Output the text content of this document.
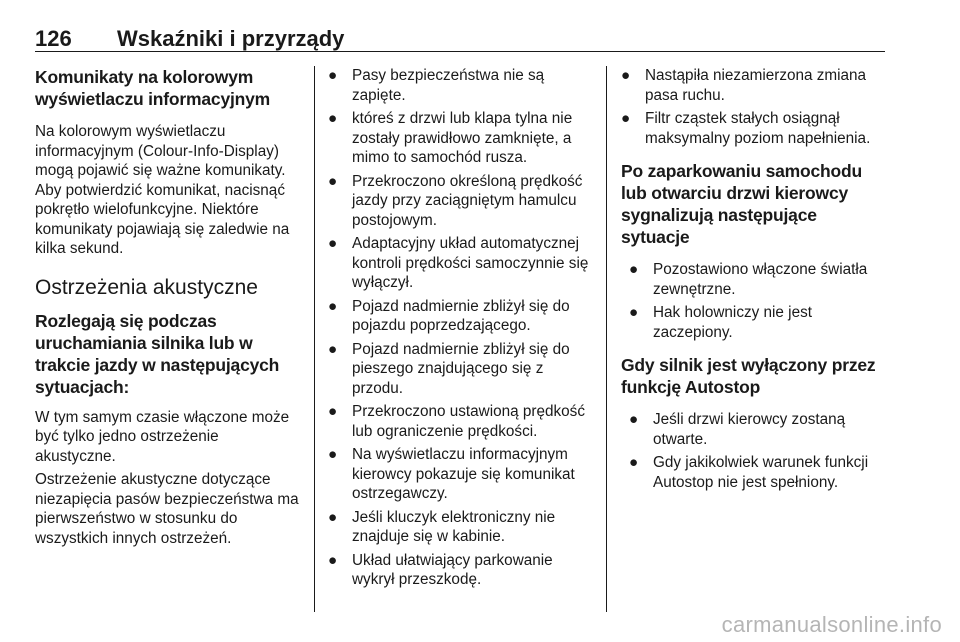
126 Wskaźniki i przyrządy
Komunikaty na kolorowym wyświetlaczu informacyjnym

Na kolorowym wyświetlaczu informacyjnym (Colour-Info-Display) mogą pojawić się ważne komunikaty. Aby potwierdzić komunikat, nacisnąć pokrętło wielofunkcyjne. Niektóre komunikaty pojawiają się zaledwie na kilka sekund.

Ostrzeżenia akustyczne
Rozlegają się podczas uruchamiania silnika lub w trakcie jazdy w następujących sytuacjach:

W tym samym czasie włączone może być tylko jedno ostrzeżenie akustyczne.

Ostrzeżenie akustyczne dotyczące niezapięcia pasów bezpieczeństwa ma pierwszeństwo w stosunku do wszystkich innych ostrzeżeń.

● Pasy bezpieczeństwa nie są zapięte.
● któreś z drzwi lub klapa tylna nie zostały prawidłowo zamknięte, a mimo to samochód rusza.
● Przekroczono określoną prędkość jazdy przy zaciągniętym hamulcu postojowym.
● Adaptacyjny układ automatycznej kontroli prędkości samoczynnie się wyłączył.
● Pojazd nadmiernie zbliżył się do pojazdu poprzedzającego.
● Pojazd nadmiernie zbliżył się do pieszego znajdującego się z przodu.
● Przekroczono ustawioną prędkość lub ograniczenie prędkości.
● Na wyświetlaczu informacyjnym kierowcy pokazuje się komunikat ostrzegawczy.
● Jeśli kluczyk elektroniczny nie znajduje się w kabinie.
● Układ ułatwiający parkowanie wykrył przeszkodę.
● Nastąpiła niezamierzona zmiana pasa ruchu.
● Filtr cząstek stałych osiągnął maksymalny poziom napełnienia.
Po zaparkowaniu samochodu lub otwarciu drzwi kierowcy sygnalizują następujące sytuacje
● Pozostawiono włączone światła zewnętrzne.
● Hak holowniczy nie jest zaczepiony.
Gdy silnik jest wyłączony przez funkcję Autostop
● Jeśli drzwi kierowcy zostaną otwarte.
● Gdy jakikolwiek warunek funkcji Autostop nie jest spełniony.
carmanualsonline.info
